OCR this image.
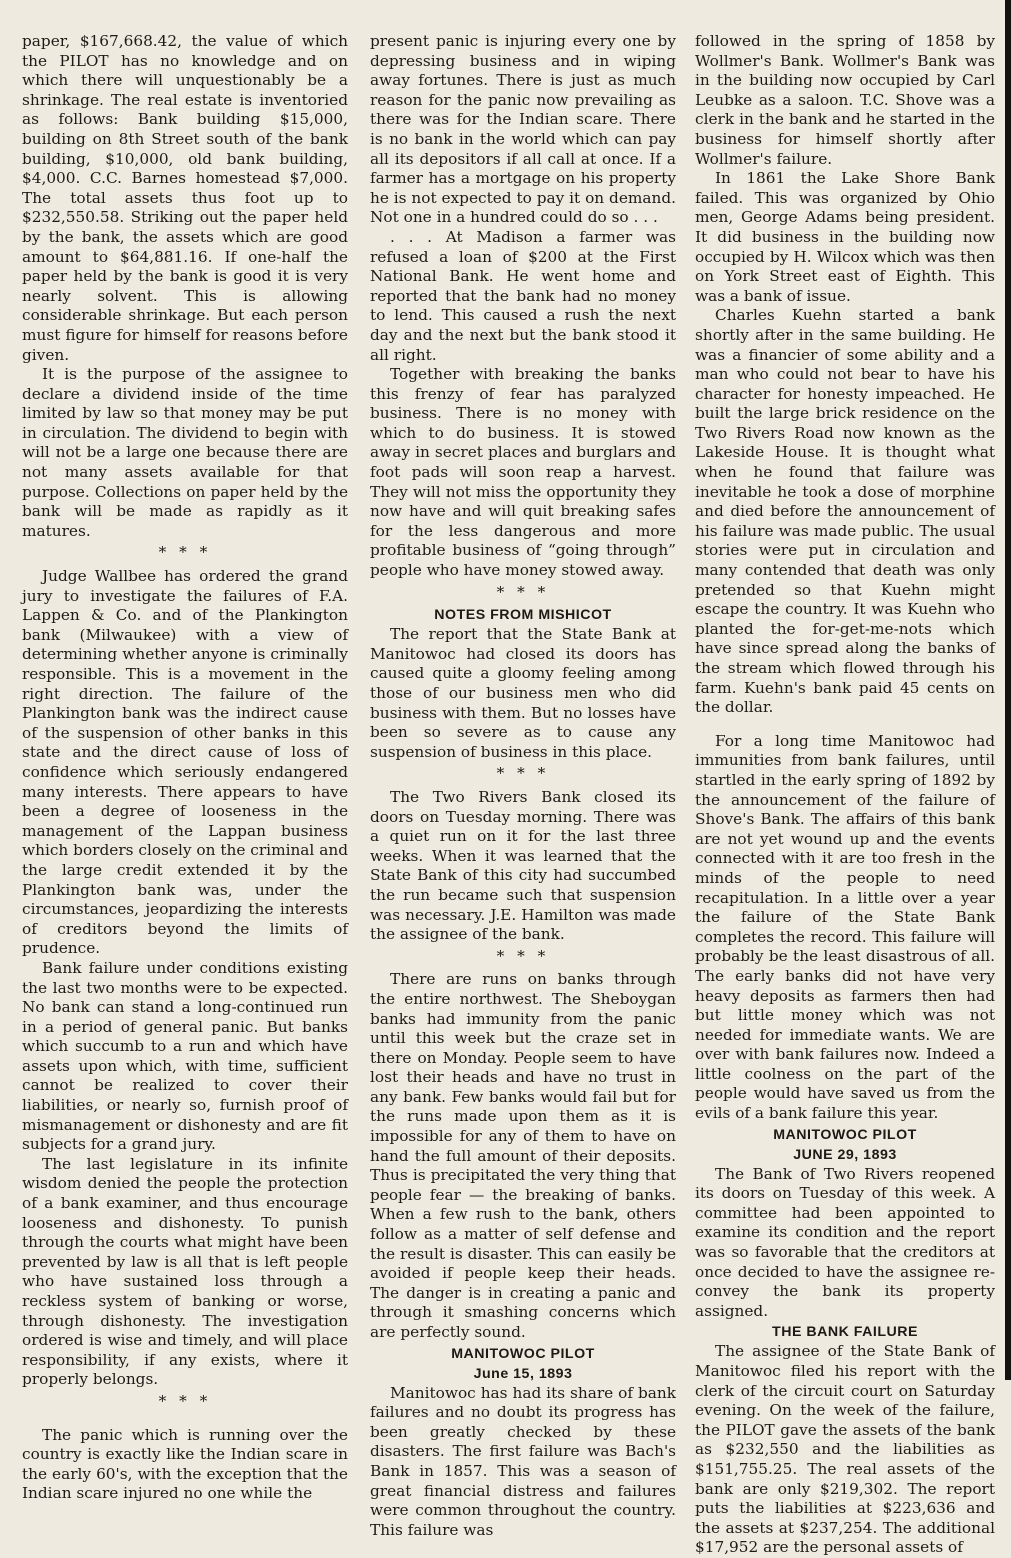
paper, $167,668.42, the value of which the PILOT has no knowledge and on which there will unquestionably be a shrinkage. The real estate is inventoried as follows: Bank building $15,000, building on 8th Street south of the bank building, $10,000, old bank building, $4,000. C.C. Barnes homestead $7,000. The total assets thus foot up to $232,550.58. Striking out the paper held by the bank, the assets which are good amount to $64,881.16. If one-half the paper held by the bank is good it is very nearly solvent. This is allowing considerable shrinkage. But each person must figure for himself for reasons before given.

It is the purpose of the assignee to declare a dividend inside of the time limited by law so that money may be put in circulation. The dividend to begin with will not be a large one because there are not many assets available for that purpose. Collections on paper held by the bank will be made as rapidly as it matures.

* * *

Judge Wallbee has ordered the grand jury to investigate the failures of F.A. Lappen & Co. and of the Plankington bank (Milwaukee) with a view of determining whether anyone is criminally responsible. This is a movement in the right direction. The failure of the Plankington bank was the indirect cause of the suspension of other banks in this state and the direct cause of loss of confidence which seriously endangered many interests. There appears to have been a degree of looseness in the management of the Lappan business which borders closely on the criminal and the large credit extended it by the Plankington bank was, under the circumstances, jeopardizing the interests of creditors beyond the limits of prudence.

Bank failure under conditions existing the last two months were to be expected. No bank can stand a long-continued run in a period of general panic. But banks which succumb to a run and which have assets upon which, with time, sufficient cannot be realized to cover their liabilities, or nearly so, furnish proof of mismanagement or dishonesty and are fit subjects for a grand jury.

The last legislature in its infinite wisdom denied the people the protection of a bank examiner, and thus encourage looseness and dishonesty. To punish through the courts what might have been prevented by law is all that is left people who have sustained loss through a reckless system of banking or worse, through dishonesty. The investigation ordered is wise and timely, and will place responsibility, if any exists, where it properly belongs.

* * *

The panic which is running over the country is exactly like the Indian scare in the early 60's, with the exception that the Indian scare injured no one while the

present panic is injuring every one by depressing business and in wiping away fortunes. There is just as much reason for the panic now prevailing as there was for the Indian scare. There is no bank in the world which can pay all its depositors if all call at once. If a farmer has a mortgage on his property he is not expected to pay it on demand. Not one in a hundred could do so . . .

. . . At Madison a farmer was refused a loan of $200 at the First National Bank. He went home and reported that the bank had no money to lend. This caused a rush the next day and the next but the bank stood it all right.

Together with breaking the banks this frenzy of fear has paralyzed business. There is no money with which to do business. It is stowed away in secret places and burglars and foot pads will soon reap a harvest. They will not miss the opportunity they now have and will quit breaking safes for the less dangerous and more profitable business of “going through” people who have money stowed away.

* * *
NOTES FROM MISHICOT

The report that the State Bank at Manitowoc had closed its doors has caused quite a gloomy feeling among those of our business men who did business with them. But no losses have been so severe as to cause any suspension of business in this place.

* * *

The Two Rivers Bank closed its doors on Tuesday morning. There was a quiet run on it for the last three weeks. When it was learned that the State Bank of this city had succumbed the run became such that suspension was necessary. J.E. Hamilton was made the assignee of the bank.

* * *

There are runs on banks through the entire northwest. The Sheboygan banks had immunity from the panic until this week but the craze set in there on Monday. People seem to have lost their heads and have no trust in any bank. Few banks would fail but for the runs made upon them as it is impossible for any of them to have on hand the full amount of their deposits. Thus is precipitated the very thing that people fear — the breaking of banks. When a few rush to the bank, others follow as a matter of self defense and the result is disaster. This can easily be avoided if people keep their heads. The danger is in creating a panic and through it smashing concerns which are perfectly sound.

MANITOWOC PILOT
June 15, 1893

Manitowoc has had its share of bank failures and no doubt its progress has been greatly checked by these disasters. The first failure was Bach's Bank in 1857. This was a season of great financial distress and failures were common throughout the country. This failure was

followed in the spring of 1858 by Wollmer's Bank. Wollmer's Bank was in the building now occupied by Carl Leubke as a saloon. T.C. Shove was a clerk in the bank and he started in the business for himself shortly after Wollmer's failure.

In 1861 the Lake Shore Bank failed. This was organized by Ohio men, George Adams being president. It did business in the building now occupied by H. Wilcox which was then on York Street east of Eighth. This was a bank of issue.

Charles Kuehn started a bank shortly after in the same building. He was a financier of some ability and a man who could not bear to have his character for honesty impeached. He built the large brick residence on the Two Rivers Road now known as the Lakeside House. It is thought what when he found that failure was inevitable he took a dose of morphine and died before the announcement of his failure was made public. The usual stories were put in circulation and many contended that death was only pretended so that Kuehn might escape the country. It was Kuehn who planted the for-get-me-nots which have since spread along the banks of the stream which flowed through his farm. Kuehn's bank paid 45 cents on the dollar.

For a long time Manitowoc had immunities from bank failures, until startled in the early spring of 1892 by the announcement of the failure of Shove's Bank. The affairs of this bank are not yet wound up and the events connected with it are too fresh in the minds of the people to need recapitulation. In a little over a year the failure of the State Bank completes the record. This failure will probably be the least disastrous of all. The early banks did not have very heavy deposits as farmers then had but little money which was not needed for immediate wants. We are over with bank failures now. Indeed a little coolness on the part of the people would have saved us from the evils of a bank failure this year.

MANITOWOC PILOT
JUNE 29, 1893

The Bank of Two Rivers reopened its doors on Tuesday of this week. A committee had been appointed to examine its condition and the report was so favorable that the creditors at once decided to have the assignee re-convey the bank its property assigned.

THE BANK FAILURE

The assignee of the State Bank of Manitowoc filed his report with the clerk of the circuit court on Saturday evening. On the week of the failure, the PILOT gave the assets of the bank as $232,550 and the liabilities as $151,755.25. The real assets of the bank are only $219,302. The report puts the liabilities at $223,636 and the assets at $237,254. The additional $17,952 are the personal assets of
